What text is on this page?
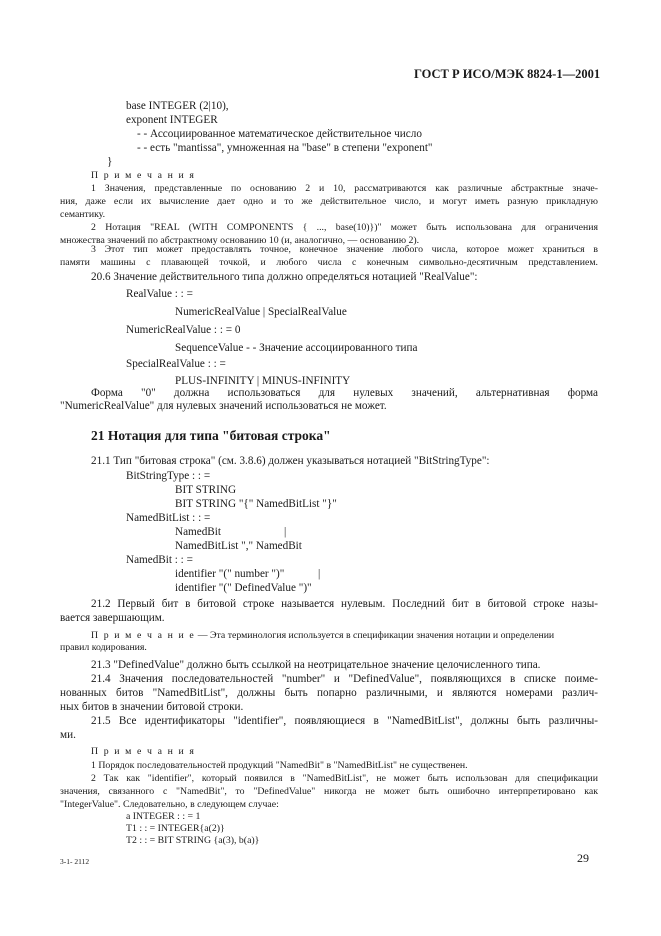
ГОСТ Р ИСО/МЭК 8824-1—2001
base INTEGER (2|10),
exponent INTEGER
- - Ассоциированное математическое действительное число
- - есть "mantissa", умноженная на "base" в степени "exponent"
}
П р и м е ч а н и я
1 Значения, представленные по основанию 2 и 10, рассматриваются как различные абстрактные значе-
ния, даже если их вычисление дает одно и то же действительное число, и могут иметь разную прикладную
семантику.
2 Нотация "REAL (WITH COMPONENTS { ..., base(10)})" может быть использована для ограничения
множества значений по абстрактному основанию 10 (и, аналогично, — основанию 2).
3 Этот тип может предоставлять точное, конечное значение любого числа, которое может храниться в
памяти машины с плавающей точкой, и любого числа с конечным символьно-десятичным представлением.
20.6 Значение действительного типа должно определяться нотацией "RealValue":
RealValue : : =
NumericRealValue | SpecialRealValue
NumericRealValue : : = 0
SequenceValue - - Значение ассоциированного типа
SpecialRealValue : : =
PLUS-INFINITY | MINUS-INFINITY
Форма "0" должна использоваться для нулевых значений, альтернативная форма
"NumericRealValue" для нулевых значений использоваться не может.
21 Нотация для типа "битовая строка"
21.1 Тип "битовая строка" (см. 3.8.6) должен указываться нотацией "BitStringType":
BitStringType : : =
BIT STRING
BIT STRING "{" NamedBitList "}"
NamedBitList : : =
NamedBit	|
NamedBitList "," NamedBit
NamedBit : : =
identifier "(" number ")"	|
identifier "(" DefinedValue ")"
21.2 Первый бит в битовой строке называется нулевым. Последний бит в битовой строке назы-
вается завершающим.
П р и м е ч а н и е — Эта терминология используется в спецификации значения нотации и определении
правил кодирования.
21.3 "DefinedValue" должно быть ссылкой на неотрицательное значение целочисленного типа.
21.4 Значения последовательностей "number" и "DefinedValue", появляющихся в списке поиме-
нованных битов "NamedBitList", должны быть попарно различными, и являются номерами различ-
ных битов в значении битовой строки.
21.5 Все идентификаторы "identifier", появляющиеся в "NamedBitList", должны быть различны-
ми.
П р и м е ч а н и я
1 Порядок последовательностей продукций "NamedBit" в "NamedBitList" не существенен.
2 Так как "identifier", который появился в "NamedBitList", не может быть использован для спецификации
значения, связанного с "NamedBit", то "DefinedValue" никогда не может быть ошибочно интерпретировано как
"IntegerValue". Следовательно, в следующем случае:
a INTEGER : : = 1
T1 : : = INTEGER{a(2)}
T2 : : = BIT STRING {a(3), b(a)}
3-1- 2112	29
